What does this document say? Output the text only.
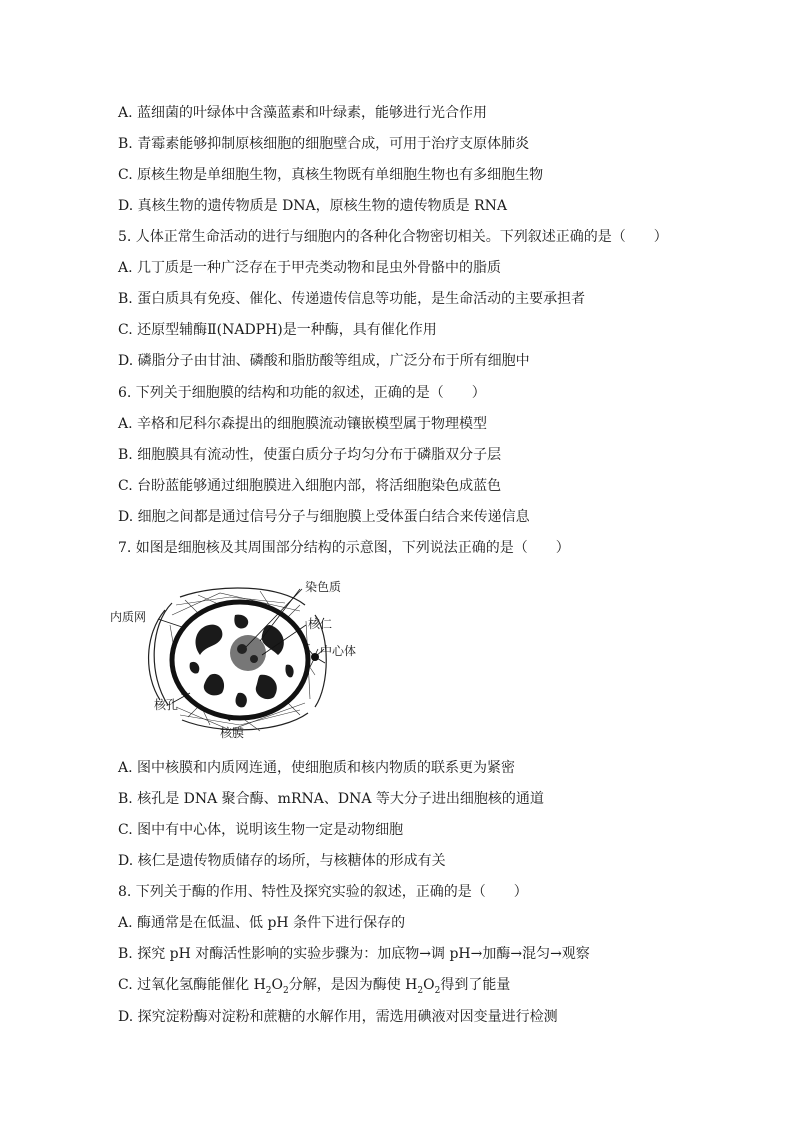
A. 蓝细菌的叶绿体中含藻蓝素和叶绿素，能够进行光合作用
B. 青霉素能够抑制原核细胞的细胞壁合成，可用于治疗支原体肺炎
C. 原核生物是单细胞生物，真核生物既有单细胞生物也有多细胞生物
D. 真核生物的遗传物质是 DNA，原核生物的遗传物质是 RNA
5. 人体正常生命活动的进行与细胞内的各种化合物密切相关。下列叙述正确的是（　　）
A. 几丁质是一种广泛存在于甲壳类动物和昆虫外骨骼中的脂质
B. 蛋白质具有免疫、催化、传递遗传信息等功能，是生命活动的主要承担者
C. 还原型辅酶Ⅱ(NADPH)是一种酶，具有催化作用
D. 磷脂分子由甘油、磷酸和脂肪酸等组成，广泛分布于所有细胞中
6. 下列关于细胞膜的结构和功能的叙述，正确的是（　　）
A. 辛格和尼科尔森提出的细胞膜流动镶嵌模型属于物理模型
B. 细胞膜具有流动性，使蛋白质分子均匀分布于磷脂双分子层
C. 台盼蓝能够通过细胞膜进入细胞内部，将活细胞染色成蓝色
D. 细胞之间都是通过信号分子与细胞膜上受体蛋白结合来传递信息
7. 如图是细胞核及其周围部分结构的示意图，下列说法正确的是（　　）
染色质
内质网	核仁
中心体
核孔
核膜
A. 图中核膜和内质网连通，使细胞质和核内物质的联系更为紧密
B. 核孔是 DNA 聚合酶、mRNA、DNA 等大分子进出细胞核的通道
C. 图中有中心体，说明该生物一定是动物细胞
D. 核仁是遗传物质储存的场所，与核糖体的形成有关
8. 下列关于酶的作用、特性及探究实验的叙述，正确的是（　　）
A. 酶通常是在低温、低 pH 条件下进行保存的
B. 探究 pH 对酶活性影响的实验步骤为：加底物→调 pH→加酶→混匀→观察
C. 过氧化氢酶能催化 $H_2O_2$分解，是因为酶使 $H_2O_2$得到了能量
D. 探究淀粉酶对淀粉和蔗糖的水解作用，需选用碘液对因变量进行检测
